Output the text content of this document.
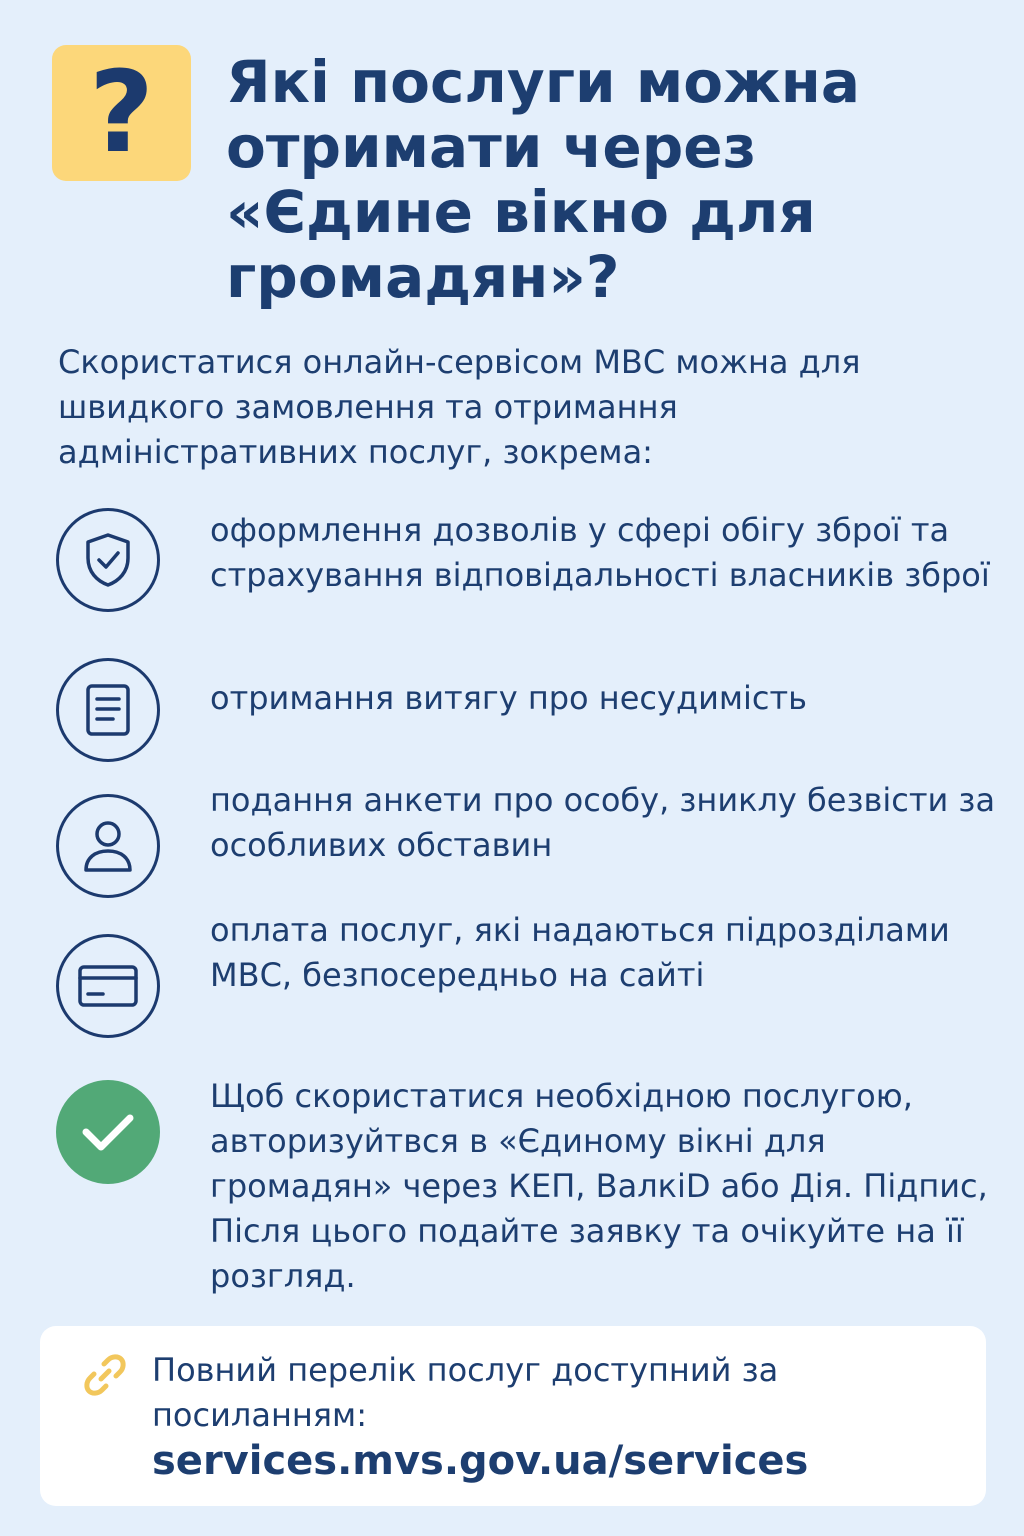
? Які послуги можна отримати через «Єдине вікно для громадян»?
Скористатися онлайн-сервісом МВС можна для швидкого замовлення та отримання адміністративних послуг, зокрема:
оформлення дозволів у сфері обігу зброї та страхування відповідальності власників зброї
отримання витягу про несудимість
подання анкети про особу, зниклу безвісти за особливих обставин
оплата послуг, які надаються підрозділами МВС, безпосередньо на сайті
Щоб скористатися необхідною послугою, авторизуйтвся в «Єдиному вікні для громадян» через КЕП, ВалкiD або Дія. Підпис, Після цього подайте заявку та очікуйте на її розгляд.
Повний перелік послуг доступний за посиланням:
services.mvs.gov.ua/services
